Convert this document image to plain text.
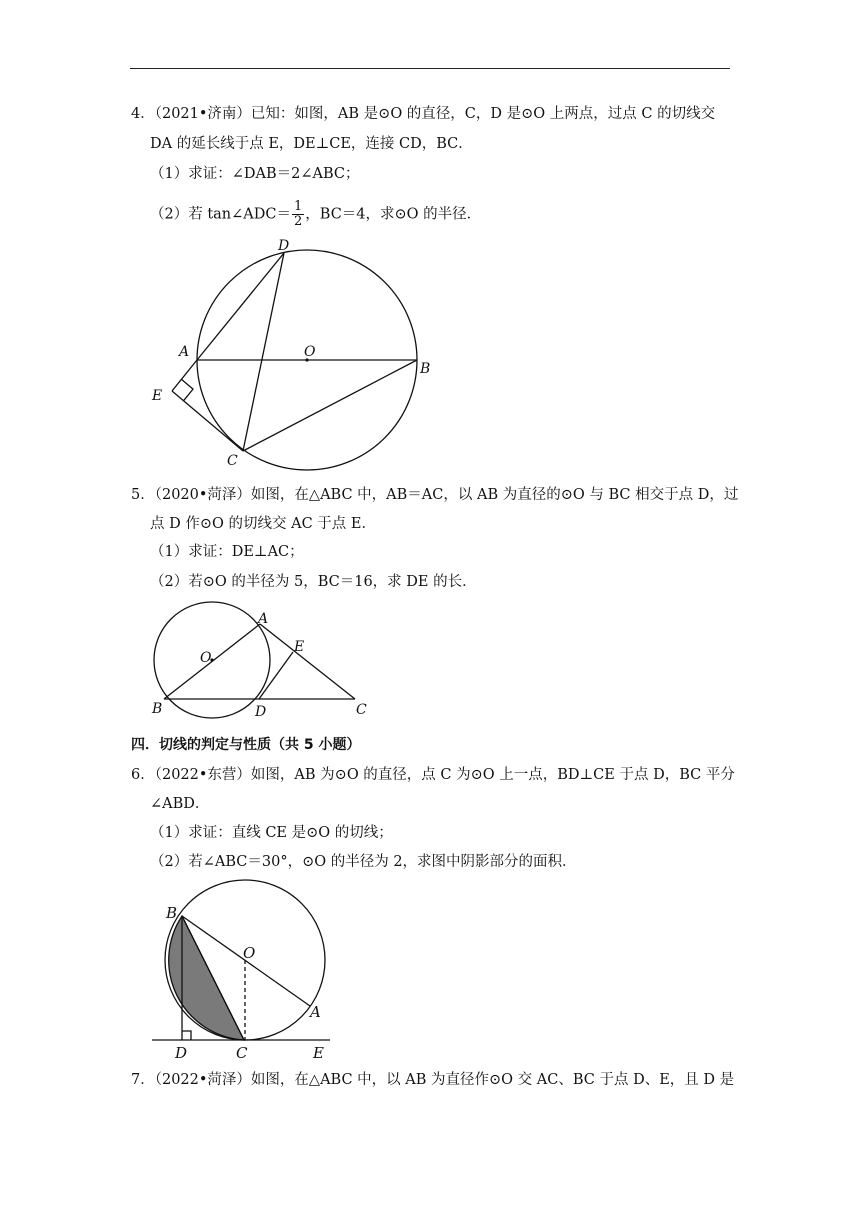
4．（2021•济南）已知：如图，AB 是⊙O 的直径，C，D 是⊙O 上两点，过点 C 的切线交
DA 的延长线于点 E，DE⊥CE，连接 CD，BC．
（1）求证：∠DAB＝2∠ABC；
（2）若 tan∠ADC＝ $\frac{1}{2}$ ，BC＝4，求⊙O 的半径．
D
A	O
B
E
C
A
O
E
B	D	C
B
O
A
D	C	E
5．（2020•菏泽）如图，在△ABC 中，AB＝AC，以 AB 为直径的⊙O 与 BC 相交于点 D，过
点 D 作⊙O 的切线交 AC 于点 E．
（1）求证：DE⊥AC；
（2）若⊙O 的半径为 5，BC＝16，求 DE 的长．
四．切线的判定与性质（共 5 小题）
6．（2022•东营）如图，AB 为⊙O 的直径，点 C 为⊙O 上一点，BD⊥CE 于点 D，BC 平分
∠ABD．
（1）求证：直线 CE 是⊙O 的切线；
（2）若∠ABC＝30°，⊙O 的半径为 2，求图中阴影部分的面积．
7．（2022•菏泽）如图，在△ABC 中，以 AB 为直径作⊙O 交 AC、BC 于点 D、E，且 D 是
